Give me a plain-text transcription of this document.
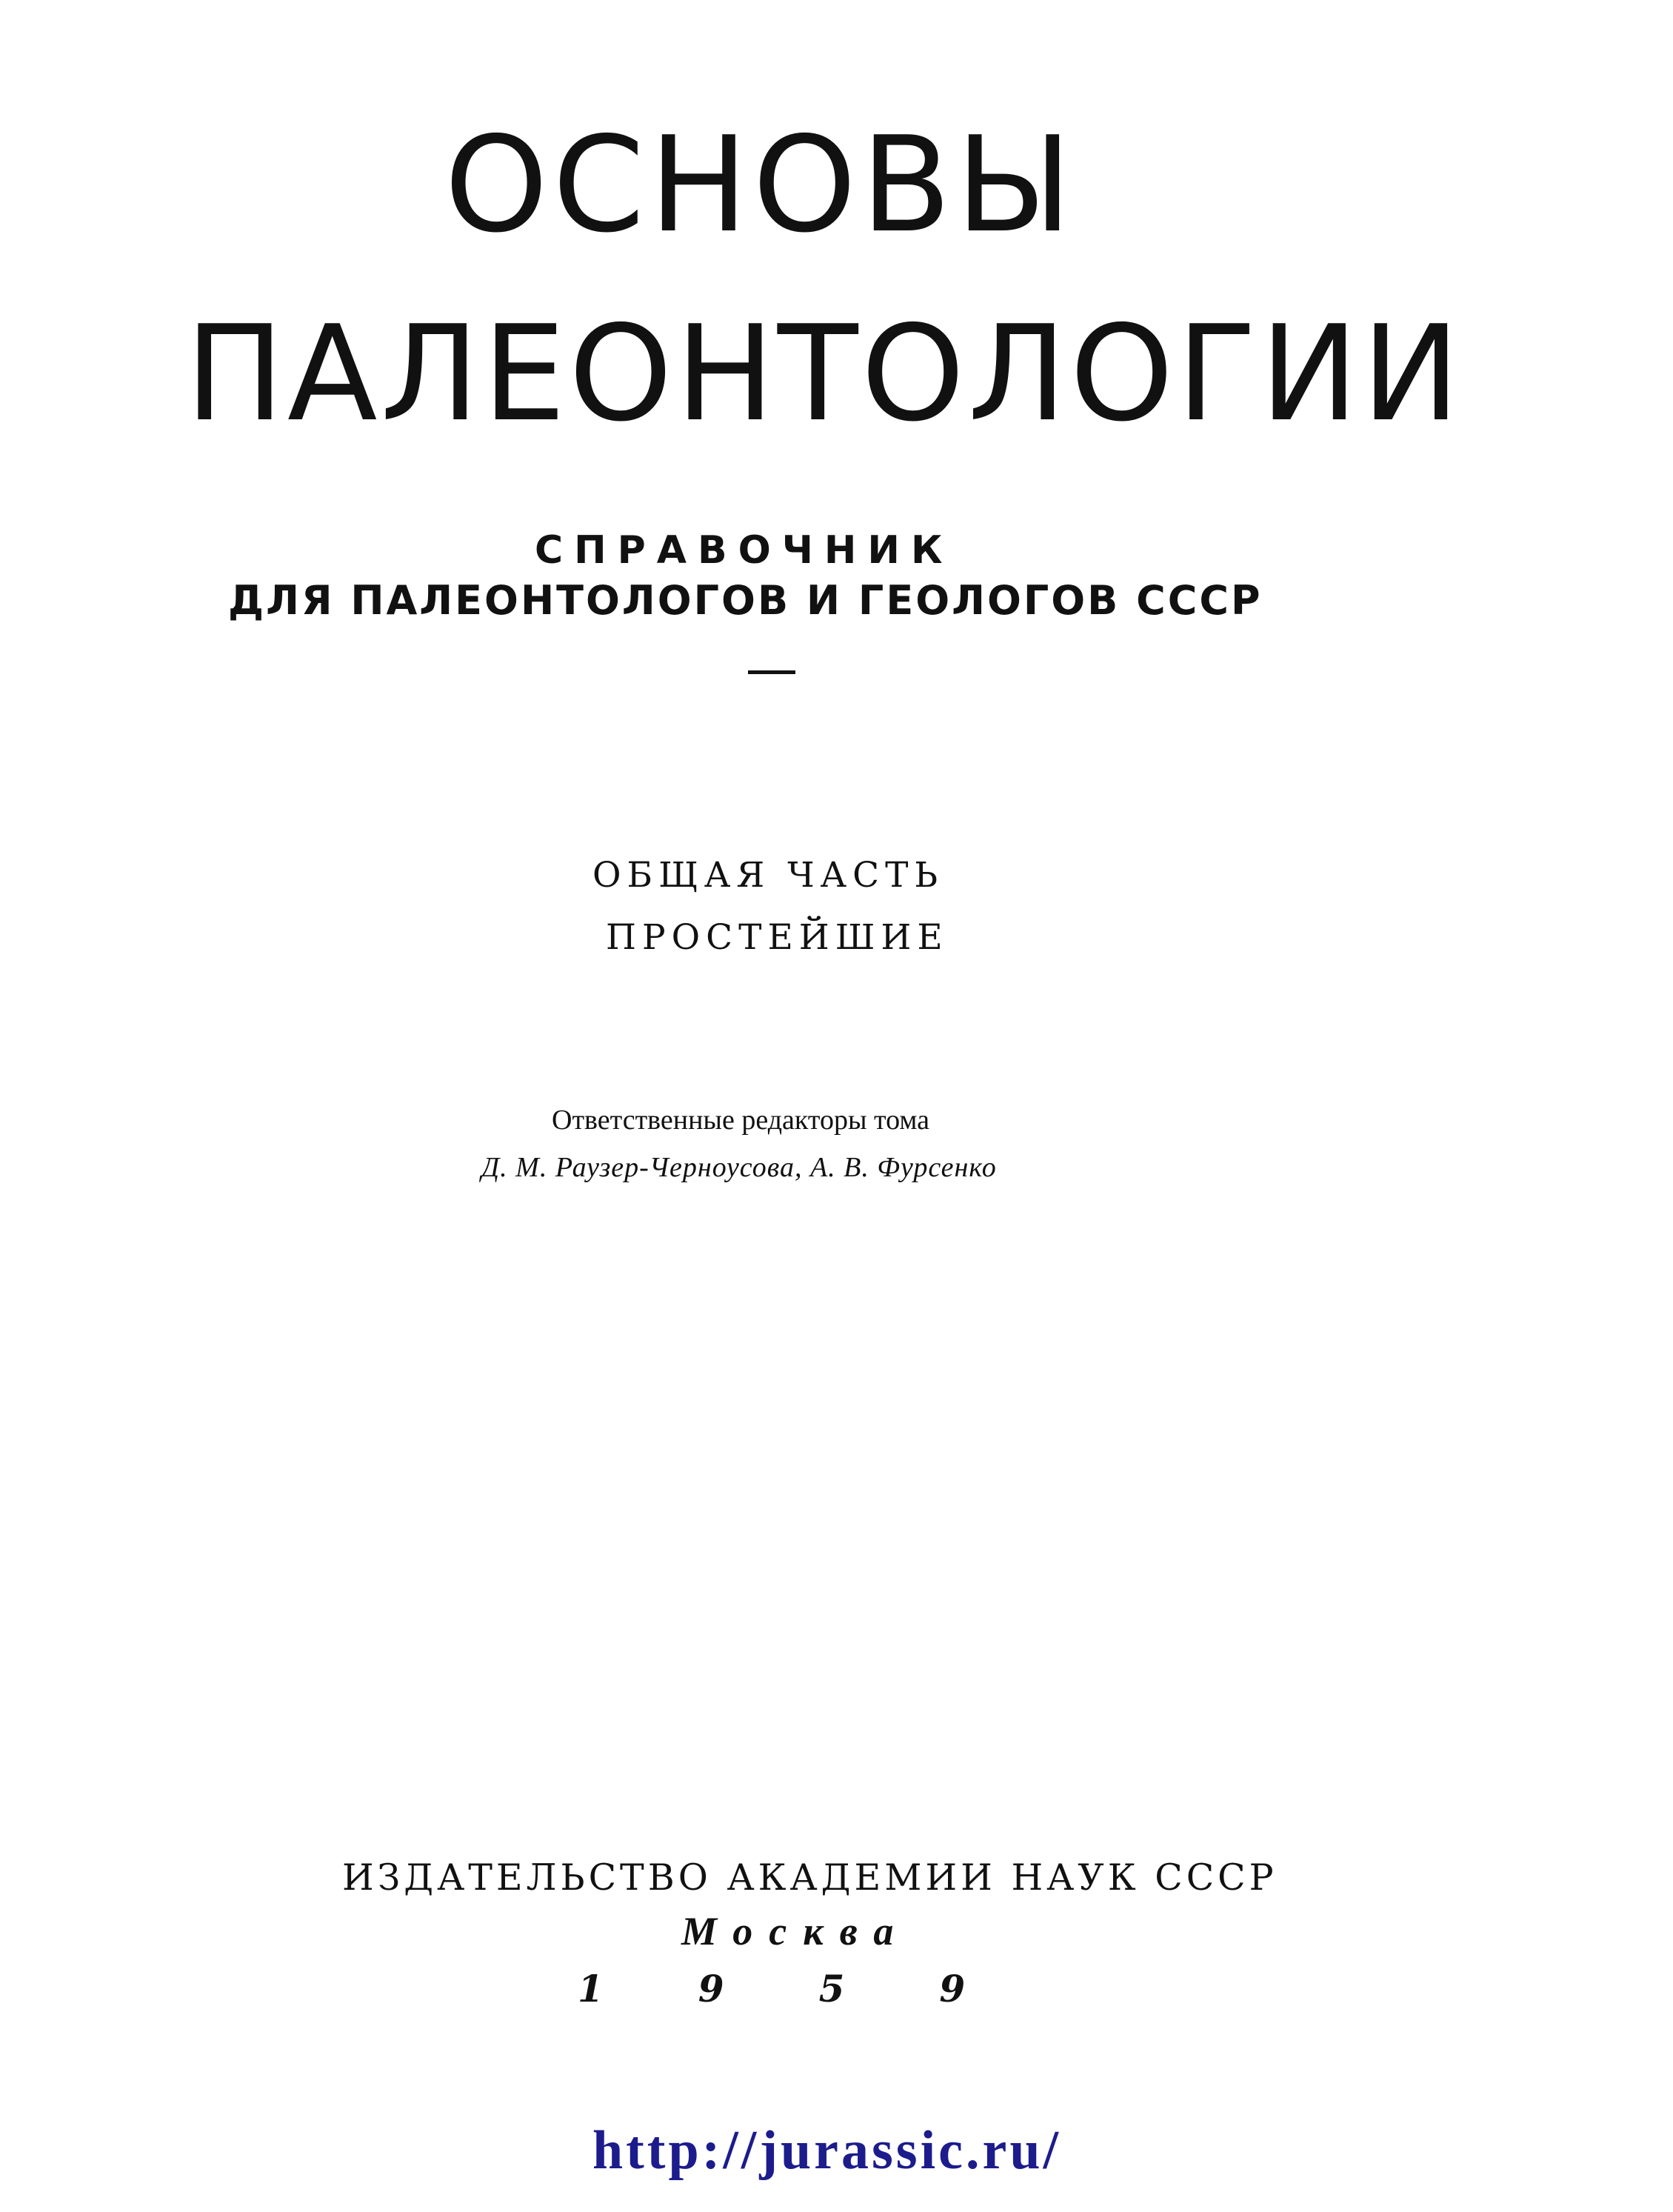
ОСНОВЫ
ПАЛЕОНТОЛОГИИ
СПРАВОЧНИК
ДЛЯ ПАЛЕОНТОЛОГОВ И ГЕОЛОГОВ СССР
ОБЩАЯ ЧАСТЬ
ПРОСТЕЙШИЕ
Ответственные редакторы тома
Д. М. Раузер-Черноусова, А. В. Фурсенко
ИЗДАТЕЛЬСТВО АКАДЕМИИ НАУК СССР
Москва
1959
http://jurassic.ru/
